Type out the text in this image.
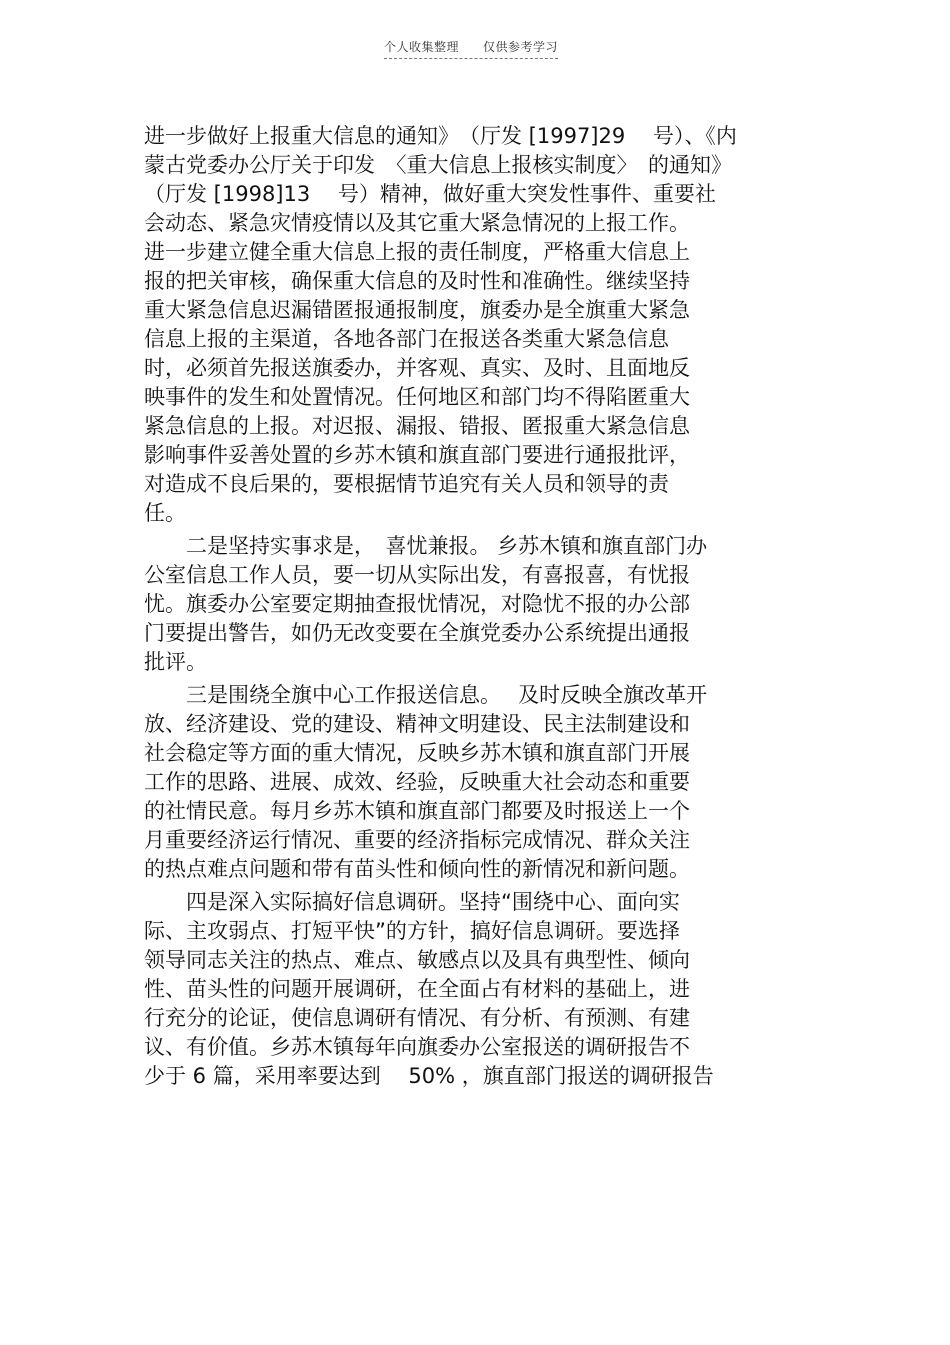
个人收集整理 仅供参考学习
进一步做好上报重大信息的通知》　（厅发 [1997]29　 号）、《内
蒙古党委办公厅关于印发　〈重大信息上报核实制度〉　的通知》
（厅发 [1998]13　 号）精神，做好重大突发性事件、重要社
会动态、紧急灾情疫情以及其它重大紧急情况的上报工作。
进一步建立健全重大信息上报的责任制度，严格重大信息上
报的把关审核，确保重大信息的及时性和准确性。继续坚持
重大紧急信息迟漏错匿报通报制度，旗委办是全旗重大紧急
信息上报的主渠道，各地各部门在报送各类重大紧急信息
时，必须首先报送旗委办，并客观、真实、及时、且面地反
映事件的发生和处置情况。任何地区和部门均不得陷匿重大
紧急信息的上报。对迟报、漏报、错报、匿报重大紧急信息
影响事件妥善处置的乡苏木镇和旗直部门要进行通报批评，
对造成不良后果的，要根据情节追究有关人员和领导的责
任。
　　二是坚持实事求是，　喜忧兼报。 乡苏木镇和旗直部门办
公室信息工作人员，要一切从实际出发，有喜报喜，有忧报
忧。旗委办公室要定期抽查报忧情况，对隐忧不报的办公部
门要提出警告，如仍无改变要在全旗党委办公系统提出通报
批评。
　　三是围绕全旗中心工作报送信息。　 及时反映全旗改革开
放、经济建设、党的建设、精神文明建设、民主法制建设和
社会稳定等方面的重大情况，反映乡苏木镇和旗直部门开展
工作的思路、进展、成效、经验，反映重大社会动态和重要
的社情民意。每月乡苏木镇和旗直部门都要及时报送上一个
月重要经济运行情况、重要的经济指标完成情况、群众关注
的热点难点问题和带有苗头性和倾向性的新情况和新问题。
　　四是深入实际搞好信息调研。坚持“围绕中心、面向实
际、主攻弱点、打短平快”的方针，搞好信息调研。要选择
领导同志关注的热点、难点、敏感点以及具有典型性、倾向
性、苗头性的问题开展调研，在全面占有材料的基础上，进
行充分的论证，使信息调研有情况、有分析、有预测、有建
议、有价值。乡苏木镇每年向旗委办公室报送的调研报告不
少于 6 篇，采用率要达到　 50% ，旗直部门报送的调研报告
